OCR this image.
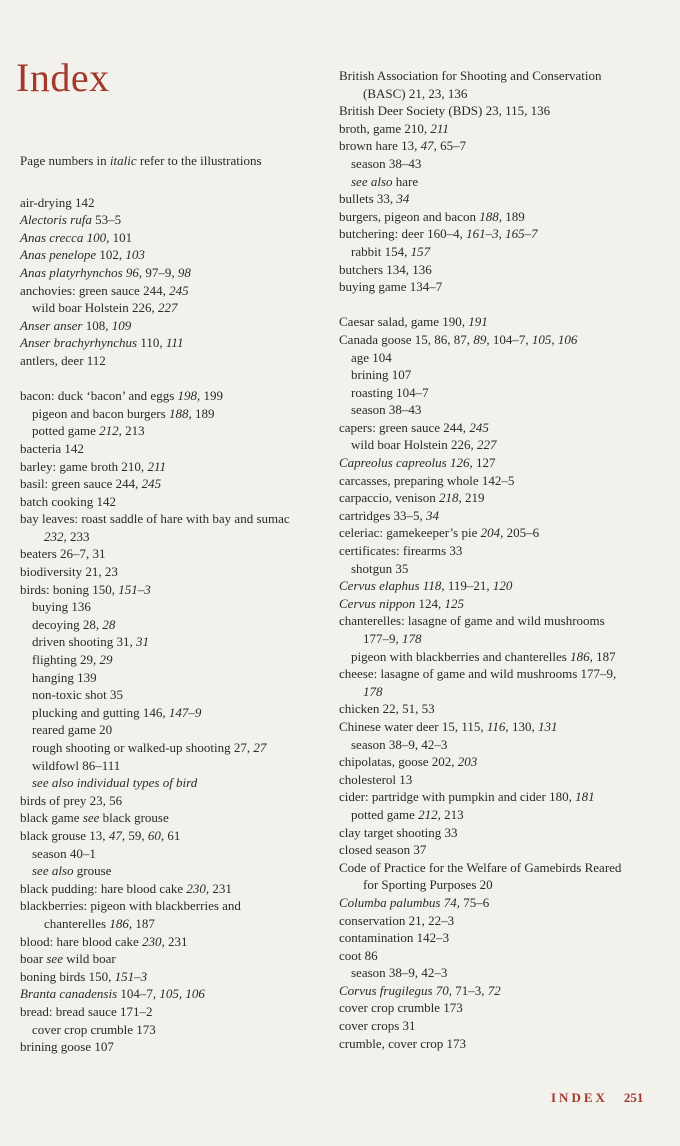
Index
Page numbers in italic refer to the illustrations
air-drying 142
Alectoris rufa 53–5
Anas crecca 100, 101
Anas penelope 102, 103
Anas platyrhynchos 96, 97–9, 98
anchovies: green sauce 244, 245
wild boar Holstein 226, 227
Anser anser 108, 109
Anser brachyrhynchus 110, 111
antlers, deer 112
bacon: duck ‘bacon’ and eggs 198, 199
pigeon and bacon burgers 188, 189
potted game 212, 213
bacteria 142
barley: game broth 210, 211
basil: green sauce 244, 245
batch cooking 142
bay leaves: roast saddle of hare with bay and sumac
232, 233
beaters 26–7, 31
biodiversity 21, 23
birds: boning 150, 151–3
buying 136
decoying 28, 28
driven shooting 31, 31
flighting 29, 29
hanging 139
non-toxic shot 35
plucking and gutting 146, 147–9
reared game 20
rough shooting or walked-up shooting 27, 27
wildfowl 86–111
see also individual types of bird
birds of prey 23, 56
black game see black grouse
black grouse 13, 47, 59, 60, 61
season 40–1
see also grouse
black pudding: hare blood cake 230, 231
blackberries: pigeon with blackberries and
chanterelles 186, 187
blood: hare blood cake 230, 231
boar see wild boar
boning birds 150, 151–3
Branta canadensis 104–7, 105, 106
bread: bread sauce 171–2
cover crop crumble 173
brining goose 107
British Association for Shooting and Conservation
(BASC) 21, 23, 136
British Deer Society (BDS) 23, 115, 136
broth, game 210, 211
brown hare 13, 47, 65–7
season 38–43
see also hare
bullets 33, 34
burgers, pigeon and bacon 188, 189
butchering: deer 160–4, 161–3, 165–7
rabbit 154, 157
butchers 134, 136
buying game 134–7
Caesar salad, game 190, 191
Canada goose 15, 86, 87, 89, 104–7, 105, 106
age 104
brining 107
roasting 104–7
season 38–43
capers: green sauce 244, 245
wild boar Holstein 226, 227
Capreolus capreolus 126, 127
carcasses, preparing whole 142–5
carpaccio, venison 218, 219
cartridges 33–5, 34
celeriac: gamekeeper’s pie 204, 205–6
certificates: firearms 33
shotgun 35
Cervus elaphus 118, 119–21, 120
Cervus nippon 124, 125
chanterelles: lasagne of game and wild mushrooms
177–9, 178
pigeon with blackberries and chanterelles 186, 187
cheese: lasagne of game and wild mushrooms 177–9,
178
chicken 22, 51, 53
Chinese water deer 15, 115, 116, 130, 131
season 38–9, 42–3
chipolatas, goose 202, 203
cholesterol 13
cider: partridge with pumpkin and cider 180, 181
potted game 212, 213
clay target shooting 33
closed season 37
Code of Practice for the Welfare of Gamebirds Reared
for Sporting Purposes 20
Columba palumbus 74, 75–6
conservation 21, 22–3
contamination 142–3
coot 86
season 38–9, 42–3
Corvus frugilegus 70, 71–3, 72
cover crop crumble 173
cover crops 31
crumble, cover crop 173
INDEX 251
